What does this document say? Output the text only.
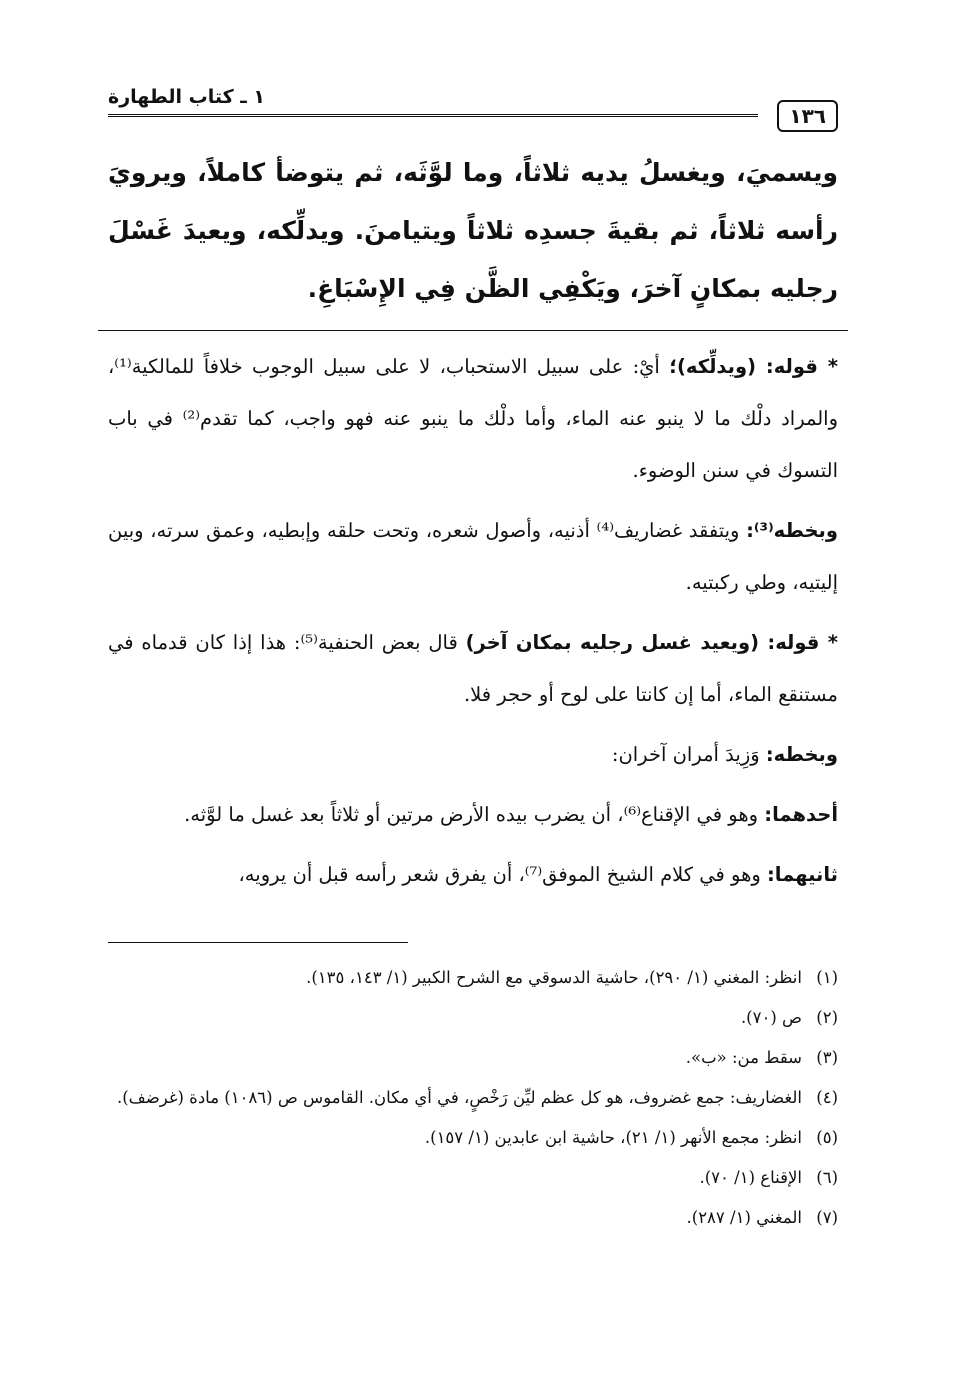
١٣٦
١ ـ كتاب الطهارة
ويسميَ، ويغسلُ يديه ثلاثاً، وما لوَّثَه، ثم يتوضأ كاملاً، ويرويَ رأسه ثلاثاً، ثم بقيةَ جسدِه ثلاثاً ويتيامنَ. ويدلِّكه، ويعيدَ غَسْلَ رجليه بمكانٍ آخرَ، ويَكْفِي الظَّن فِي الإِسْبَاغِ.

* قوله: (ويدلِّكه)؛ أيْ: على سبيل الاستحباب، لا على سبيل الوجوب خلافاً للمالكية⁽¹⁾، والمراد دلْك ما لا ينبو عنه الماء، وأما دلْك ما ينبو عنه فهو واجب، كما تقدم⁽²⁾ في باب التسوك في سنن الوضوء.

وبخطه⁽³⁾: ويتفقد غضاريف⁽⁴⁾ أذنيه، وأصول شعره، وتحت حلقه وإبطيه، وعمق سرته، وبين إليتيه، وطي ركبتيه.

* قوله: (ويعيد غسل رجليه بمكان آخر) قال بعض الحنفية⁽⁵⁾: هذا إذا كان قدماه في مستنقع الماء، أما إن كانتا على لوح أو حجر فلا.

وبخطه: وَزِيدَ أمران آخران:

أحدهما: وهو في الإقناع⁽⁶⁾، أن يضرب بيده الأرض مرتين أو ثلاثاً بعد غسل ما لوَّثه.

ثانيهما: وهو في كلام الشيخ الموفق⁽⁷⁾، أن يفرق شعر رأسه قبل أن يرويه،

(١)
انظر: المغني (١/ ٢٩٠)، حاشية الدسوقي مع الشرح الكبير (١/ ١٤٣، ١٣٥).
(٢)
ص (٧٠).
(٣)
سقط من: «ب».
(٤)
الغضاريف: جمع غضروف، هو كل عظم ليِّن رَخْصٍ، في أي مكان. القاموس ص (١٠٨٦) مادة (غرضف).
(٥)
انظر: مجمع الأنهر (١/ ٢١)، حاشية ابن عابدين (١/ ١٥٧).
(٦)
الإقناع (١/ ٧٠).
(٧)
المغني (١/ ٢٨٧).
